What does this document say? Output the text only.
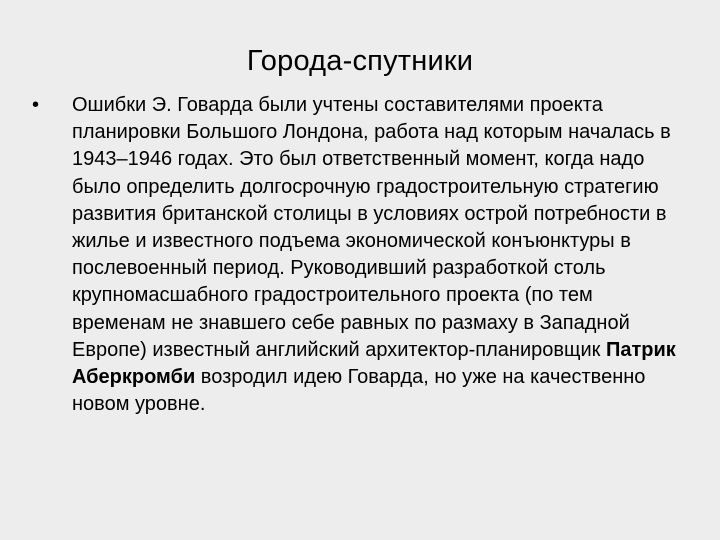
Города-спутники
• Ошибки Э. Говарда были учтены составителями проекта планировки Большого Лондона, работа над которым началась в 1943–1946 годах. Это был ответственный момент, когда надо было определить долгосрочную градостроительную стратегию развития британской столицы в условиях острой потребности в жилье и известного подъема экономической конъюнктуры в послевоенный период. Руководивший разработкой столь крупномасшабного градостроительного проекта (по тем временам не знавшего себе равных по размаху в Западной Европе) известный английский архитектор-планировщик Патрик Аберкромби возродил идею Говарда, но уже на качественно новом уровне.
